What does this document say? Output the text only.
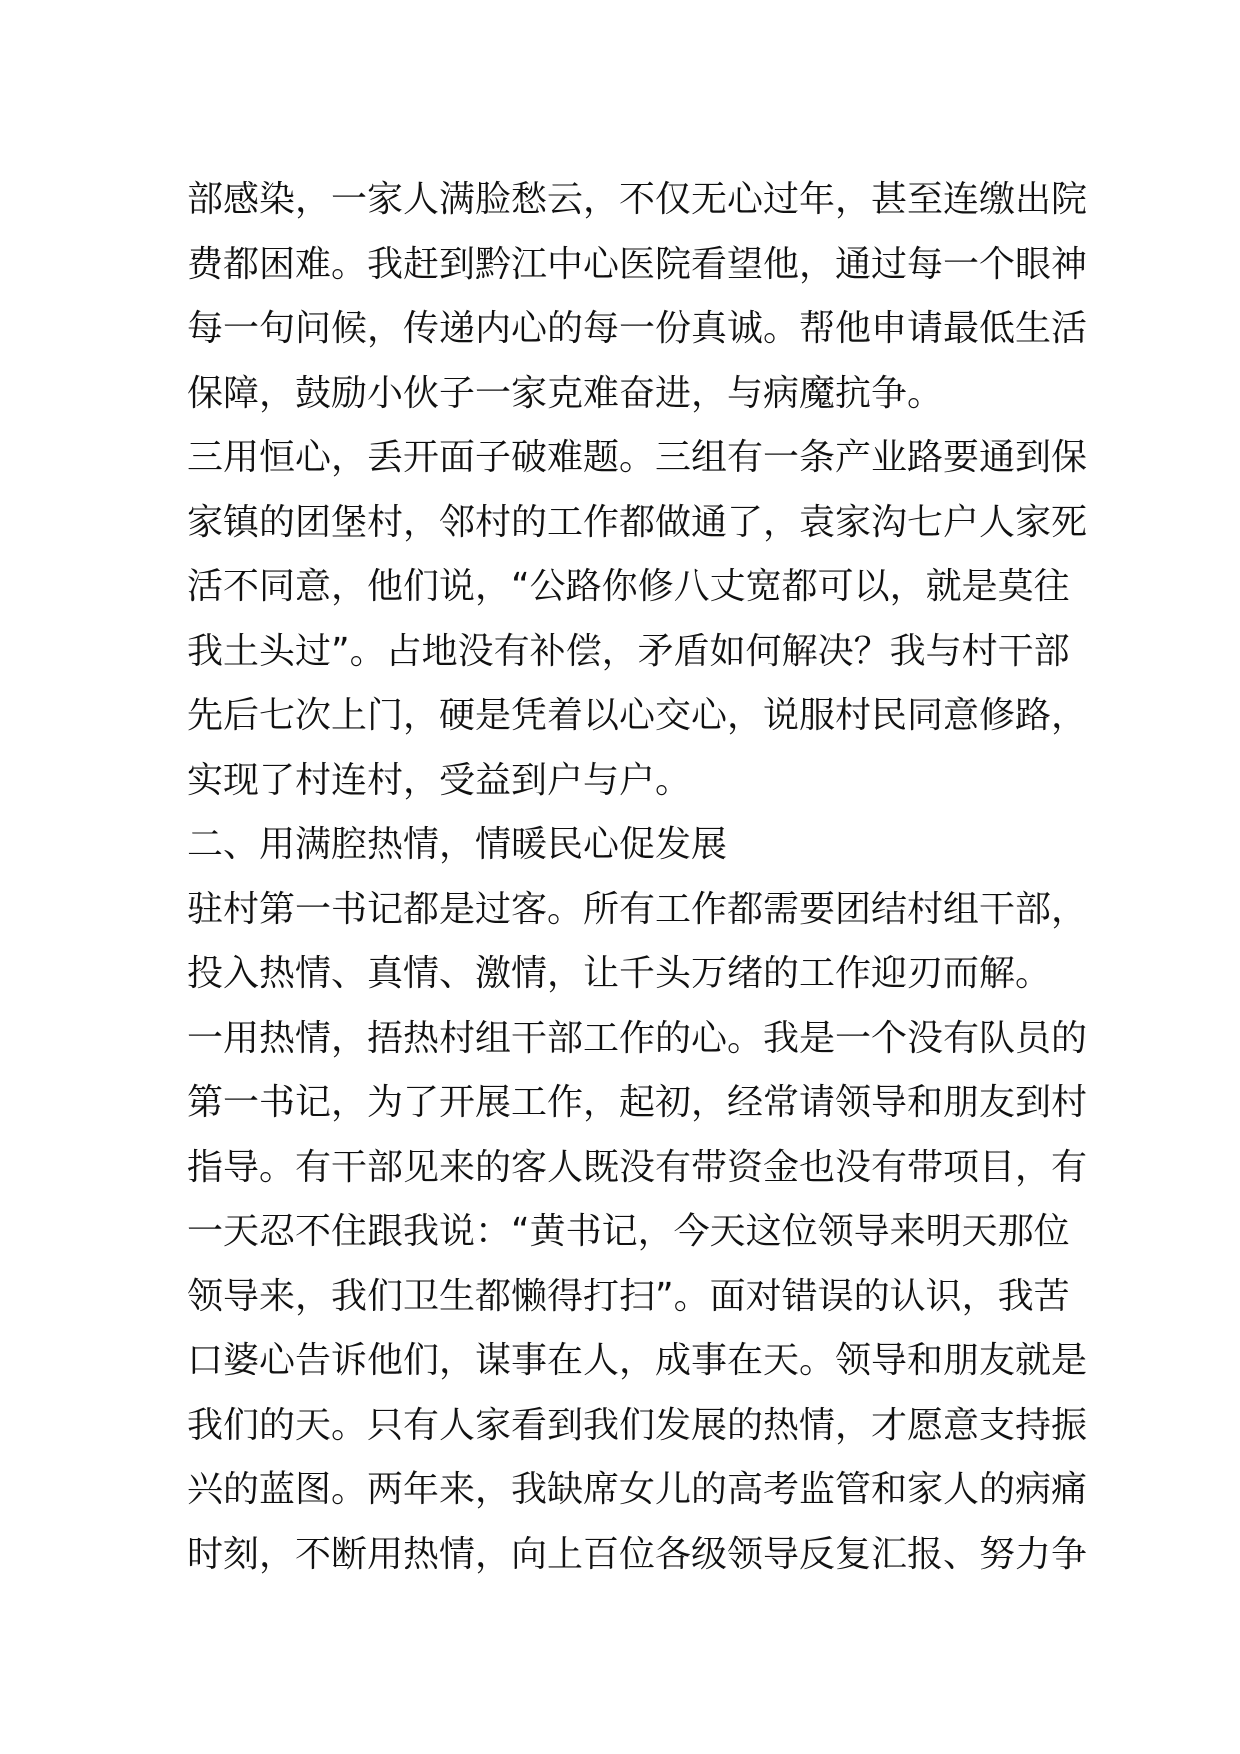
部感染，一家人满脸愁云，不仅无心过年，甚至连缴出院
费都困难。我赶到黔江中心医院看望他，通过每一个眼神
每一句问候，传递内心的每一份真诚。帮他申请最低生活
保障，鼓励小伙子一家克难奋进，与病魔抗争。
三用恒心，丢开面子破难题。三组有一条产业路要通到保
家镇的团堡村，邻村的工作都做通了，袁家沟七户人家死
活不同意，他们说，“公路你修八丈宽都可以，就是莫往
我土头过”。占地没有补偿，矛盾如何解决？我与村干部
先后七次上门，硬是凭着以心交心，说服村民同意修路，
实现了村连村，受益到户与户。
二、用满腔热情，情暖民心促发展
驻村第一书记都是过客。所有工作都需要团结村组干部，
投入热情、真情、激情，让千头万绪的工作迎刃而解。
一用热情，捂热村组干部工作的心。我是一个没有队员的
第一书记，为了开展工作，起初，经常请领导和朋友到村
指导。有干部见来的客人既没有带资金也没有带项目，有
一天忍不住跟我说：“黄书记，今天这位领导来明天那位
领导来，我们卫生都懒得打扫”。面对错误的认识，我苦
口婆心告诉他们，谋事在人，成事在天。领导和朋友就是
我们的天。只有人家看到我们发展的热情，才愿意支持振
兴的蓝图。两年来，我缺席女儿的高考监管和家人的病痛
时刻，不断用热情，向上百位各级领导反复汇报、努力争
